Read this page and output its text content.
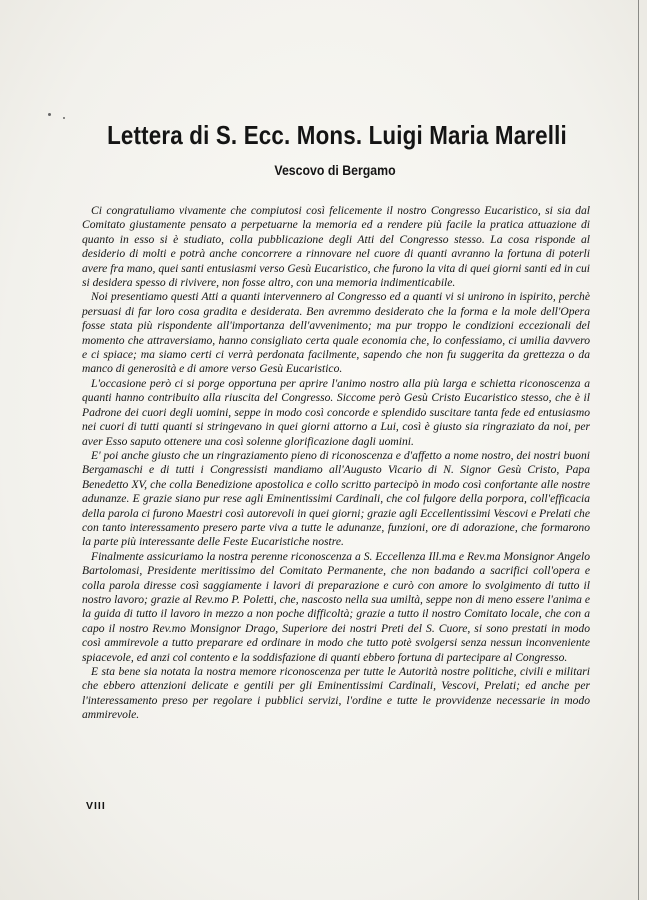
Lettera di S. Ecc. Mons. Luigi Maria Marelli
Vescovo di Bergamo

Ci congratuliamo vivamente che compiutosi così felicemente il nostro Congresso Eucaristico, si sia dal Comitato giustamente pensato a perpetuarne la memoria ed a rendere più facile la pratica attuazione di quanto in esso si è studiato, colla pubblicazione degli Atti del Congresso stesso. La cosa risponde al desiderio di molti e potrà anche concorrere a rinnovare nel cuore di quanti avranno la fortuna di poterli avere fra mano, quei santi entusiasmi verso Gesù Eucaristico, che furono la vita di quei giorni santi ed in cui si desidera spesso di rivivere, non fosse altro, con una memoria indimenticabile.

Noi presentiamo questi Atti a quanti intervennero al Congresso ed a quanti vi si unirono in ispirito, perchè persuasi di far loro cosa gradita e desiderata. Ben avremmo desiderato che la forma e la mole dell'Opera fosse stata più rispondente all'importanza dell'avvenimento; ma pur troppo le condizioni eccezionali del momento che attraversiamo, hanno consigliato certa quale economia che, lo confessiamo, ci umilia davvero e ci spiace; ma siamo certi ci verrà perdonata facilmente, sapendo che non fu suggerita da grettezza o da manco di generosità e di amore verso Gesù Eucaristico.

L'occasione però ci si porge opportuna per aprire l'animo nostro alla più larga e schietta riconoscenza a quanti hanno contribuito alla riuscita del Congresso. Siccome però Gesù Cristo Eucaristico stesso, che è il Padrone dei cuori degli uomini, seppe in modo così concorde e splendido suscitare tanta fede ed entusiasmo nei cuori di tutti quanti si stringevano in quei giorni attorno a Lui, così è giusto sia ringraziato da noi, per aver Esso saputo ottenere una così solenne glorificazione dagli uomini.

E' poi anche giusto che un ringraziamento pieno di riconoscenza e d'affetto a nome nostro, dei nostri buoni Bergamaschi e di tutti i Congressisti mandiamo all'Augusto Vicario di N. Signor Gesù Cristo, Papa Benedetto XV, che colla Benedizione apostolica e collo scritto partecipò in modo così confortante alle nostre adunanze. E grazie siano pur rese agli Eminentissimi Cardinali, che col fulgore della porpora, coll'efficacia della parola ci furono Maestri così autorevoli in quei giorni; grazie agli Eccellentissimi Vescovi e Prelati che con tanto interessamento presero parte viva a tutte le adunanze, funzioni, ore di adorazione, che formarono la parte più interessante delle Feste Eucaristiche nostre.

Finalmente assicuriamo la nostra perenne riconoscenza a S. Eccellenza Ill.ma e Rev.ma Monsignor Angelo Bartolomasi, Presidente meritissimo del Comitato Permanente, che non badando a sacrifici coll'opera e colla parola diresse così saggiamente i lavori di preparazione e curò con amore lo svolgimento di tutto il nostro lavoro; grazie al Rev.mo P. Poletti, che, nascosto nella sua umiltà, seppe non di meno essere l'anima e la guida di tutto il lavoro in mezzo a non poche difficoltà; grazie a tutto il nostro Comitato locale, che con a capo il nostro Rev.mo Monsignor Drago, Superiore dei nostri Preti del S. Cuore, si sono prestati in modo così ammirevole a tutto preparare ed ordinare in modo che tutto potè svolgersi senza nessun inconveniente spiacevole, ed anzi col contento e la soddisfazione di quanti ebbero fortuna di partecipare al Congresso.

E sta bene sia notata la nostra memore riconoscenza per tutte le Autorità nostre politiche, civili e militari che ebbero attenzioni delicate e gentili per gli Eminentissimi Cardinali, Vescovi, Prelati; ed anche per l'interessamento preso per regolare i pubblici servizi, l'ordine e tutte le provvidenze necessarie in modo ammirevole.

VIII
